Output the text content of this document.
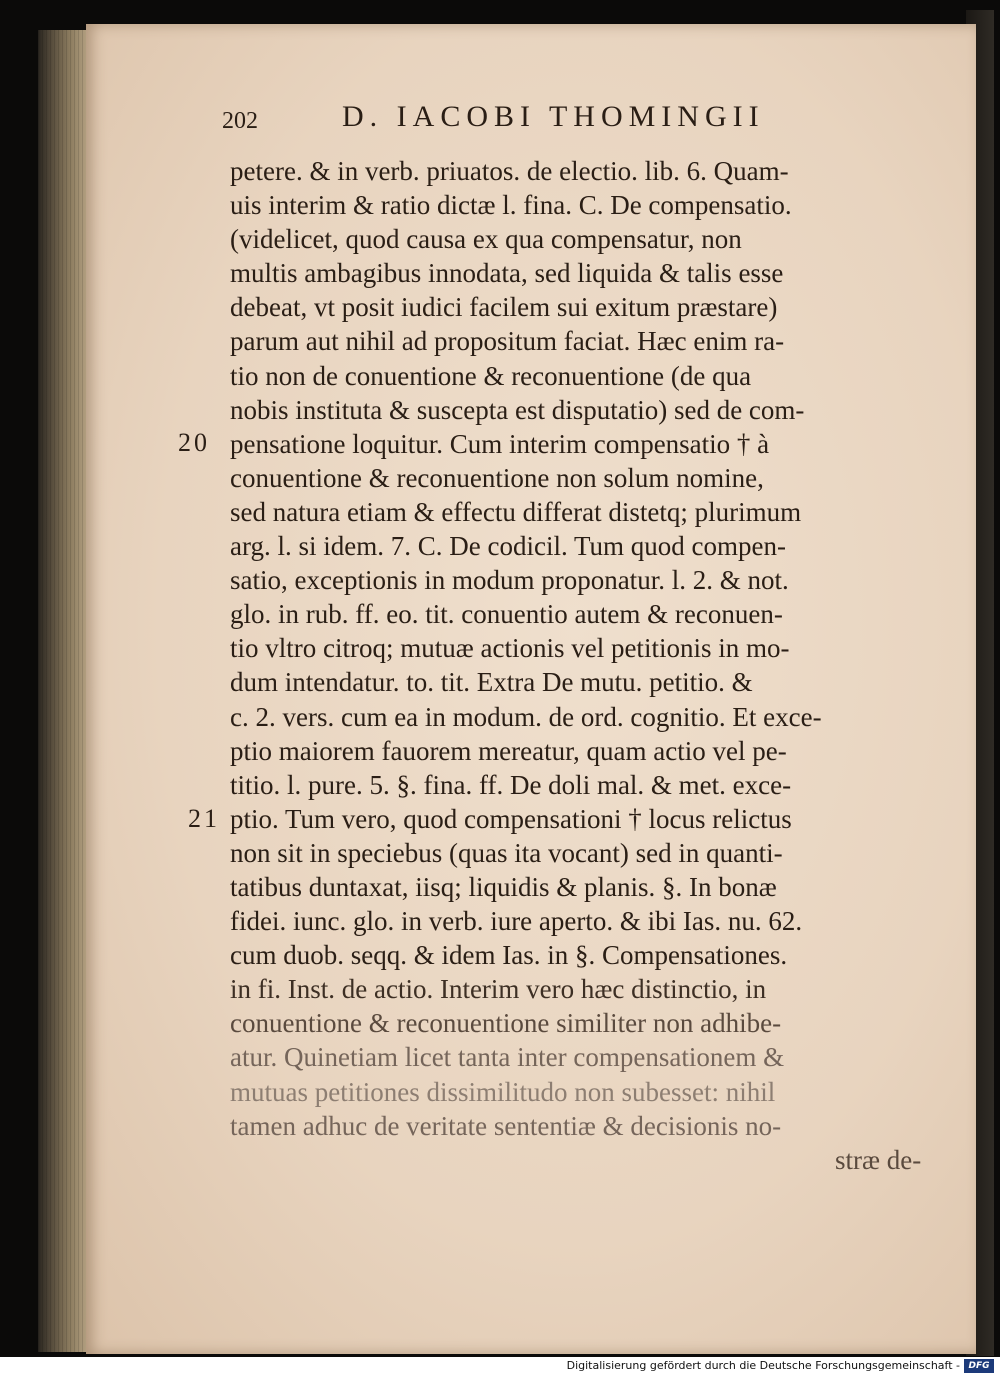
202	D. IACOBI THOMINGII
20
21
petere. & in verb. priuatos. de electio. lib. 6. Quam-
uis interim & ratio dictæ l. fina. C. De compensatio.
(videlicet, quod causa ex qua compensatur, non
multis ambagibus innodata, sed liquida & talis esse
debeat, vt posit iudici facilem sui exitum præstare)
parum aut nihil ad propositum faciat. Hæc enim ra-
tio non de conuentione & reconuentione (de qua
nobis instituta & suscepta est disputatio) sed de com-
pensatione loquitur. Cum interim compensatio † à
conuentione & reconuentione non solum nomine,
sed natura etiam & effectu differat distetq; plurimum
arg. l. si idem. 7. C. De codicil. Tum quod compen-
satio, exceptionis in modum proponatur. l. 2. & not.
glo. in rub. ff. eo. tit. conuentio autem & reconuen-
tio vltro citroq; mutuæ actionis vel petitionis in mo-
dum intendatur. to. tit. Extra De mutu. petitio. &
c. 2. vers. cum ea in modum. de ord. cognitio. Et exce-
ptio maiorem fauorem mereatur, quam actio vel pe-
titio. l. pure. 5. §. fina. ff. De doli mal. & met. exce-
ptio. Tum vero, quod compensationi † locus relictus
non sit in speciebus (quas ita vocant) sed in quanti-
tatibus duntaxat, iisq; liquidis & planis. §. In bonæ
fidei. iunc. glo. in verb. iure aperto. & ibi Ias. nu. 62.
cum duob. seqq. & idem Ias. in §. Compensationes.
in fi. Inst. de actio. Interim vero hæc distinctio, in
conuentione & reconuentione similiter non adhibe-
atur. Quinetiam licet tanta inter compensationem &
mutuas petitiones dissimilitudo non subesset: nihil
tamen adhuc de veritate sententiæ & decisionis no-
stræ de-
Digitalisierung gefördert durch die Deutsche Forschungsgemeinschaft - DFG
